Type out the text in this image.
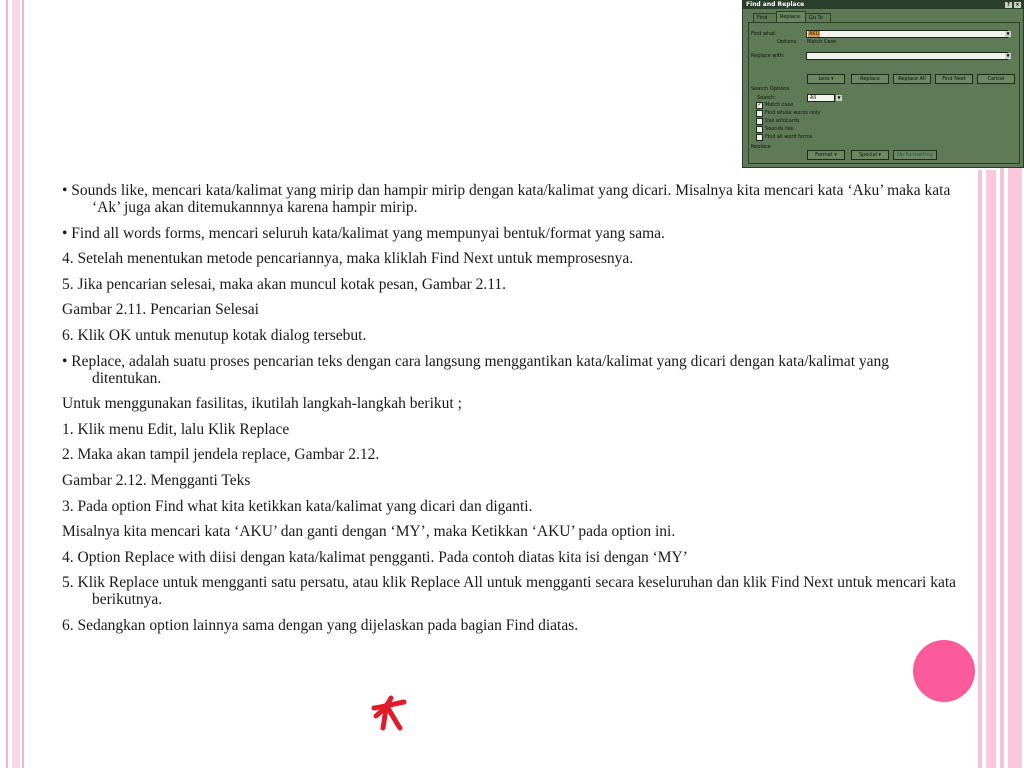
Find and Replace	?	×
Find	Replace	Go To
Find what:	AKU	▼
Options: Match Case
Replace with:	▼
Less ▾	Replace	Replace All	Find Next	Cancel
Search Options
Search:	All	▼
✓ Match case
Find whole words only
Use wildcards
Sounds like
Find all word forms
Replace
Format ▾	Special ▾	No Formatting

• Sounds like, mencari kata/kalimat yang mirip dan hampir mirip dengan kata/kalimat yang dicari. Misalnya kita mencari kata ‘Aku’ maka kata ‘Ak’ juga akan ditemukannnya karena hampir mirip.

• Find all words forms, mencari seluruh kata/kalimat yang mempunyai bentuk/format yang sama.

4. Setelah menentukan metode pencariannya, maka kliklah Find Next untuk memprosesnya.

5. Jika pencarian selesai, maka akan muncul kotak pesan, Gambar 2.11.

Gambar 2.11. Pencarian Selesai

6. Klik OK untuk menutup kotak dialog tersebut.

• Replace, adalah suatu proses pencarian teks dengan cara langsung menggantikan kata/kalimat yang dicari dengan kata/kalimat yang ditentukan.

Untuk menggunakan fasilitas, ikutilah langkah-langkah berikut ;

1. Klik menu Edit, lalu Klik Replace

2. Maka akan tampil jendela replace, Gambar 2.12.

Gambar 2.12. Mengganti Teks

3. Pada option Find what kita ketikkan kata/kalimat yang dicari dan diganti.

Misalnya kita mencari kata ‘AKU’ dan ganti dengan ‘MY’, maka Ketikkan ‘AKU’ pada option ini.

4. Option Replace with diisi dengan kata/kalimat pengganti. Pada contoh diatas kita isi dengan ‘MY’

5. Klik Replace untuk mengganti satu persatu, atau klik Replace All untuk mengganti secara keseluruhan dan klik Find Next untuk mencari kata berikutnya.

6. Sedangkan option lainnya sama dengan yang dijelaskan pada bagian Find diatas.
